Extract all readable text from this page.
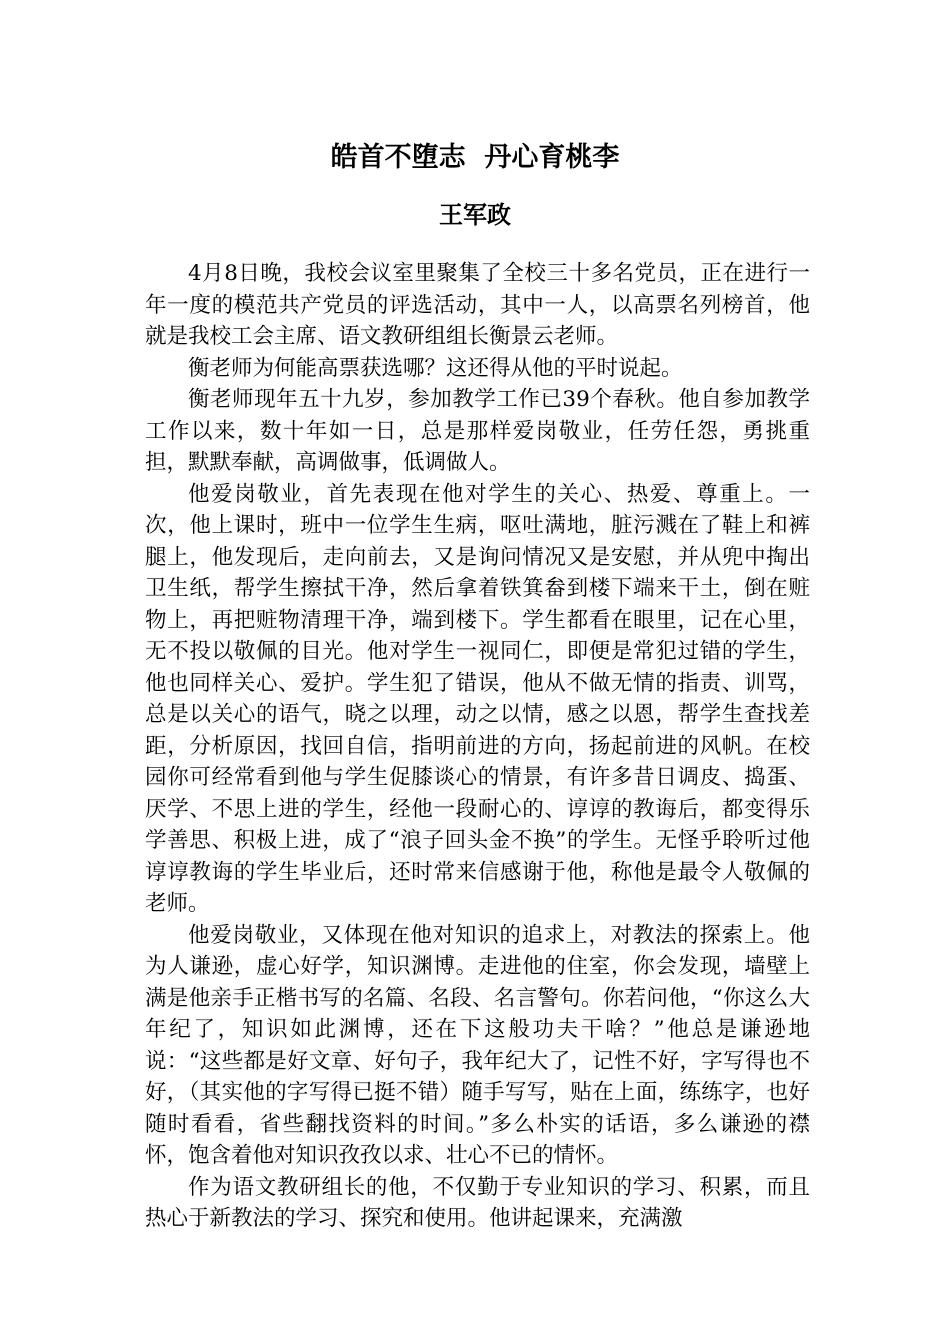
皓首不堕志  丹心育桃李
王军政

4月8日晚，我校会议室里聚集了全校三十多名党员，正在进行一年一度的模范共产党员的评选活动，其中一人，以高票名列榜首，他就是我校工会主席、语文教研组组长衡景云老师。

衡老师为何能高票获选哪？这还得从他的平时说起。

衡老师现年五十九岁，参加教学工作已39个春秋。他自参加教学工作以来，数十年如一日，总是那样爱岗敬业，任劳任怨，勇挑重担，默默奉献，高调做事，低调做人。

他爱岗敬业，首先表现在他对学生的关心、热爱、尊重上。一次，他上课时，班中一位学生生病，呕吐满地，脏污溅在了鞋上和裤腿上，他发现后，走向前去，又是询问情况又是安慰，并从兜中掏出卫生纸，帮学生擦拭干净，然后拿着铁箕畚到楼下端来干土，倒在赃物上，再把赃物清理干净，端到楼下。学生都看在眼里，记在心里，无不投以敬佩的目光。他对学生一视同仁，即便是常犯过错的学生，他也同样关心、爱护。学生犯了错误，他从不做无情的指责、训骂，总是以关心的语气，晓之以理，动之以情，感之以恩，帮学生查找差距，分析原因，找回自信，指明前进的方向，扬起前进的风帆。在校园你可经常看到他与学生促膝谈心的情景，有许多昔日调皮、捣蛋、厌学、不思上进的学生，经他一段耐心的、谆谆的教诲后，都变得乐学善思、积极上进，成了“浪子回头金不换”的学生。无怪乎聆听过他谆谆教诲的学生毕业后，还时常来信感谢于他，称他是最令人敬佩的老师。

他爱岗敬业，又体现在他对知识的追求上，对教法的探索上。他为人谦逊，虚心好学，知识渊博。走进他的住室，你会发现，墙壁上满是他亲手正楷书写的名篇、名段、名言警句。你若问他，“你这么大年纪了，知识如此渊博，还在下这般功夫干啥？”他总是谦逊地说：“这些都是好文章、好句子，我年纪大了，记性不好，字写得也不好，（其实他的字写得已挺不错）随手写写，贴在上面，练练字，也好随时看看，省些翻找资料的时间。”多么朴实的话语，多么谦逊的襟怀，饱含着他对知识孜孜以求、壮心不已的情怀。

作为语文教研组长的他，不仅勤于专业知识的学习、积累，而且热心于新教法的学习、探究和使用。他讲起课来，充满激
